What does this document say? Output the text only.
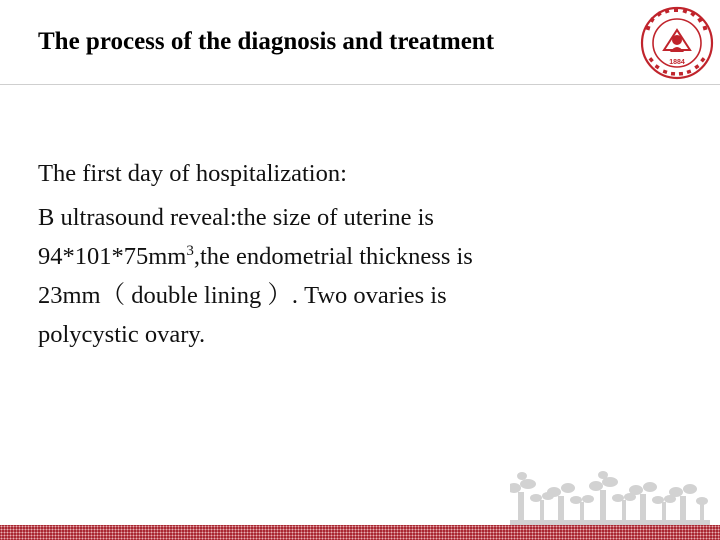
The process of the diagnosis and treatment
1884
The first day of hospitalization:
B ultrasound reveal:the size of uterine is
$94*101*75mm^3,the$ endometrial thickness is
23mm（ double lining ）. Two ovaries is
polycystic ovary.
